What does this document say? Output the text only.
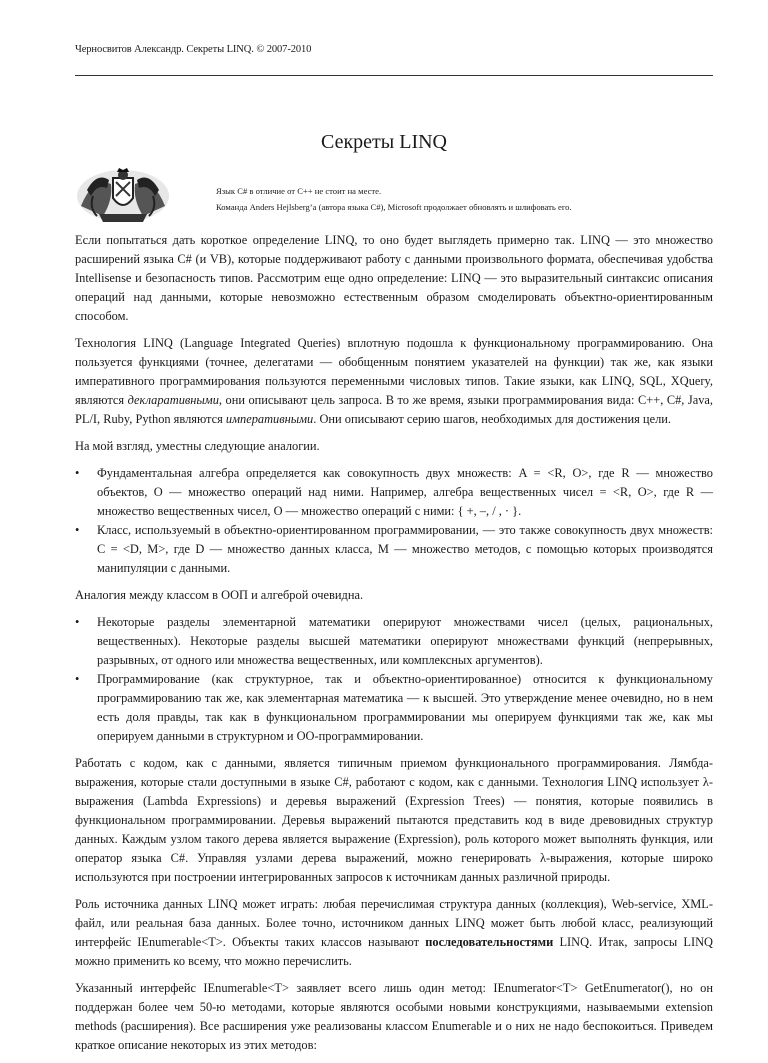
Черносвитов Александр. Секреты LINQ. © 2007-2010
Секреты LINQ
Язык C# в отличие от C++ не стоит на месте.
Команда Anders Hejlsberg’a (автора языка C#), Microsoft продолжает обновлять и шлифовать его.

Если попытаться дать короткое определение LINQ, то оно будет выглядеть примерно так. LINQ — это множество расширений языка C# (и VB), которые поддерживают работу с данными произвольного формата, обеспечивая удобства Intellisense и безопасность типов. Рассмотрим еще одно определение: LINQ — это выразительный синтаксис описания операций над данными, которые невозможно естественным образом смоделировать объектно-ориентированным способом.

Технология LINQ (Language Integrated Queries) вплотную подошла к функциональному программированию. Она пользуется функциями (точнее, делегатами — обобщенным понятием указателей на функции) так же, как языки императивного программирования пользуются переменными числовых типов. Такие языки, как LINQ, SQL, XQuery, являются декларативными, они описывают цель запроса. В то же время, языки программирования вида: C++, C#, Java, PL/I, Ruby, Python являются императивными. Они описывают серию шагов, необходимых для достижения цели.

На мой взгляд, уместны следующие аналогии.

• Фундаментальная алгебра определяется как совокупность двух множеств: A = <R, O>, где R — множество объектов, O — множество операций над ними. Например, алгебра вещественных чисел = <R, O>, где R — множество вещественных чисел, O — множество операций с ними: { +, –, / , · }.
• Класс, используемый в объектно-ориентированном программировании, — это также совокупность двух множеств: C = <D, M>, где D — множество данных класса, M — множество методов, с помощью которых производятся манипуляции с данными.

Аналогия между классом в ООП и алгеброй очевидна.

• Некоторые разделы элементарной математики оперируют множествами чисел (целых, рациональных, вещественных). Некоторые разделы высшей математики оперируют множествами функций (непрерывных, разрывных, от одного или множества вещественных, или комплексных аргументов).
• Программирование (как структурное, так и объектно-ориентированное) относится к функциональному программированию так же, как элементарная математика — к высшей. Это утверждение менее очевидно, но в нем есть доля правды, так как в функциональном программировании мы оперируем функциями так же, как мы оперируем данными в структурном и ОО-программировании.

Работать с кодом, как с данными, является типичным приемом функционального программирования. Лямбда-выражения, которые стали доступными в языке C#, работают с кодом, как с данными. Технология LINQ использует λ-выражения (Lambda Expressions) и деревья выражений (Expression Trees) — понятия, которые появились в функциональном программировании. Деревья выражений пытаются представить код в виде древовидных структур данных. Каждым узлом такого дерева является выражение (Expression), роль которого может выполнять функция, или оператор языка C#. Управляя узлами дерева выражений, можно генерировать λ-выражения, которые широко используются при построении интегрированных запросов к источникам данных различной природы.

Роль источника данных LINQ может играть: любая перечислимая структура данных (коллекция), Web-service, XML-файл, или реальная база данных. Более точно, источником данных LINQ может быть любой класс, реализующий интерфейс IEnumerable<T>. Объекты таких классов называют последовательностями LINQ. Итак, запросы LINQ можно применить ко всему, что можно перечислить.

Указанный интерфейс IEnumerable<T> заявляет всего лишь один метод: IEnumerator<T> GetEnumerator(), но он поддержан более чем 50-ю методами, которые являются особыми новыми конструкциями, называемыми extension methods (расширения). Все расширения уже реализованы классом Enumerable и о них не надо беспокоиться. Приведем краткое описание некоторых из этих методов:
